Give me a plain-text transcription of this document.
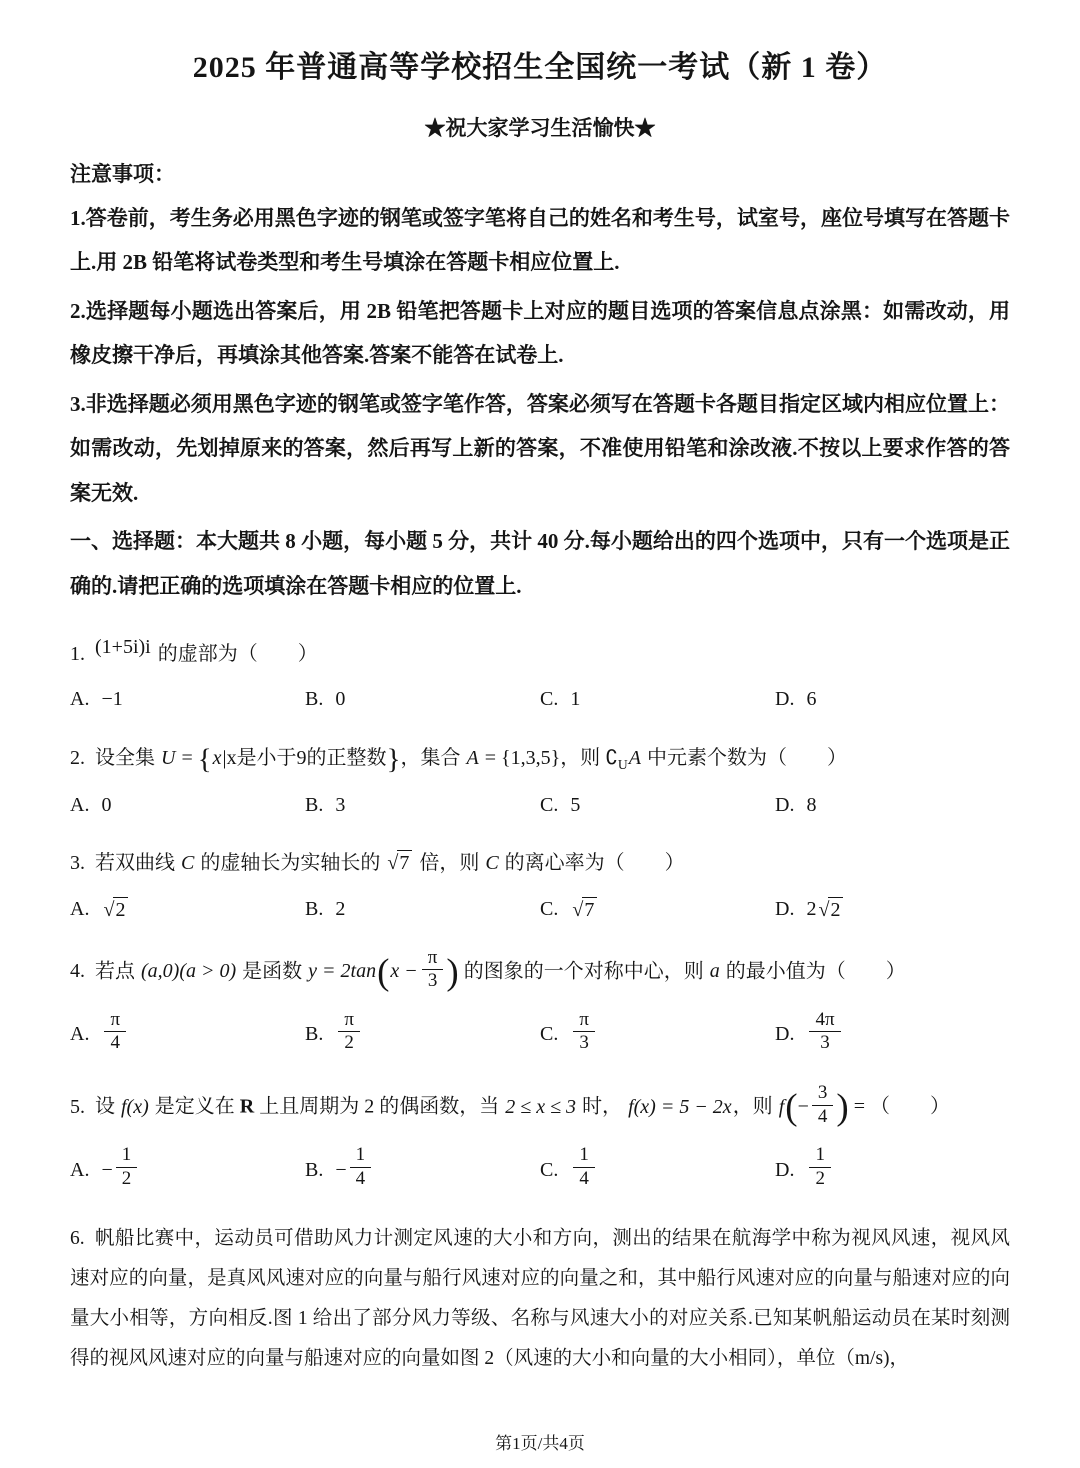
2025 年普通高等学校招生全国统一考试（新 1 卷）
★祝大家学习生活愉快★
注意事项：

1.答卷前，考生务必用黑色字迹的钢笔或签字笔将自己的姓名和考生号，试室号，座位号填写在答题卡上.用 2B 铅笔将试卷类型和考生号填涂在答题卡相应位置上.

2.选择题每小题选出答案后，用 2B 铅笔把答题卡上对应的题目选项的答案信息点涂黑：如需改动，用橡皮擦干净后，再填涂其他答案.答案不能答在试卷上.

3.非选择题必须用黑色字迹的钢笔或签字笔作答，答案必须写在答题卡各题目指定区域内相应位置上：如需改动，先划掉原来的答案，然后再写上新的答案，不准使用铅笔和涂改液.不按以上要求作答的答案无效.

一、选择题：本大题共 8 小题，每小题 5 分，共计 40 分.每小题给出的四个选项中，只有一个选项是正确的.请把正确的选项填涂在答题卡相应的位置上.

1. (1+5i)i 的虚部为（　　）
A. −1	B. 0	C. 1	D. 6
2. 设全集 U = {x|x是小于9的正整数}，集合 A = {1,3,5}，则 $∁_UA$ 中元素个数为（　　）
A. 0	B. 3	C. 5	D. 8
3. 若双曲线 C 的虚轴长为实轴长的 √7 倍，则 C 的离心率为（　　）
A. √2	B. 2	C. √7	D. 2 √2
4. 若点 (a,0)(a > 0) 是函数 $y = 2\tan(x - \frac{\pi}{3}$ ) 的图象的一个对称中心，则 a 的最小值为（　　）
A. $\frac{\pi}{4}$	B. $\frac{\pi}{2}$	C. $\frac{\pi}{3}$	D. $\frac{4\pi}{3}$
5. 设 f(x) 是定义在 R 上且周期为 2 的偶函数，当 2 ≤ x ≤ 3 时， f(x) = 5 − 2x，则 $f(- \frac{3}{4}$ ) = （　　）
A. − $\frac{1}{2}$	B. − $\frac{1}{4}$	C. $\frac{1}{4}$	D. $\frac{1}{2}$
6. 帆船比赛中，运动员可借助风力计测定风速的大小和方向，测出的结果在航海学中称为视风风速，视风风速对应的向量，是真风风速对应的向量与船行风速对应的向量之和，其中船行风速对应的向量与船速对应的向量大小相等，方向相反.图 1 给出了部分风力等级、名称与风速大小的对应关系.已知某帆船运动员在某时刻测得的视风风速对应的向量与船速对应的向量如图 2（风速的大小和向量的大小相同），单位（m/s)，
第1页/共4页
